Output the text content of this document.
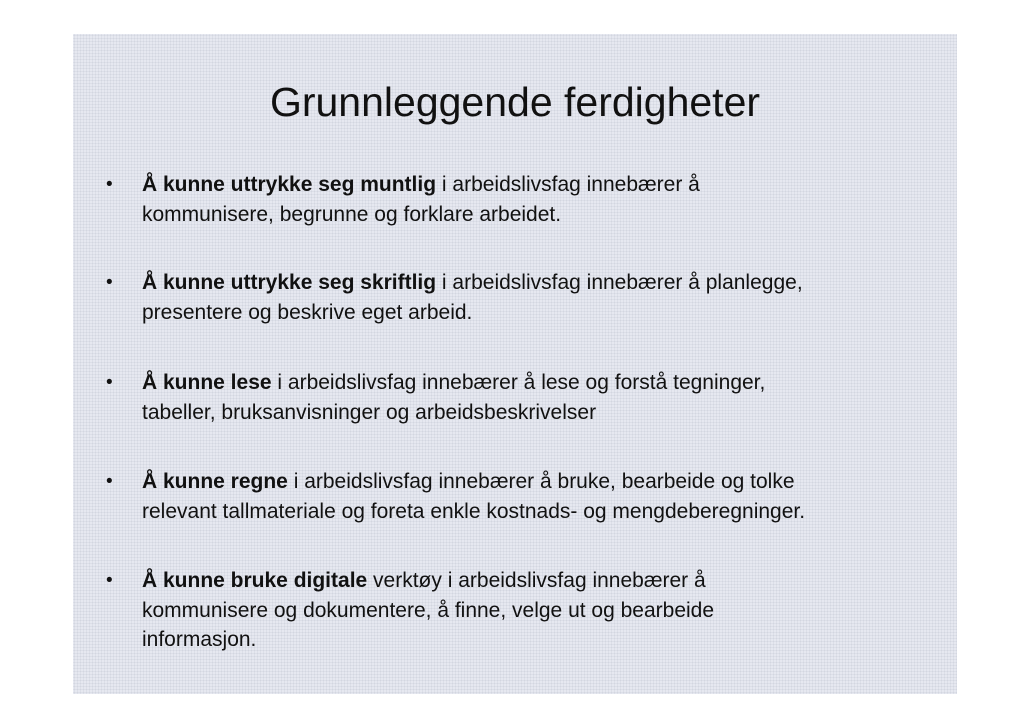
Grunnleggende ferdigheter
• Å kunne uttrykke seg muntlig i arbeidslivsfag innebærer å
kommunisere, begrunne og forklare arbeidet.
• Å kunne uttrykke seg skriftlig i arbeidslivsfag innebærer å planlegge,
presentere og beskrive eget arbeid.
• Å kunne lese i arbeidslivsfag innebærer å lese og forstå tegninger,
tabeller, bruksanvisninger og arbeidsbeskrivelser
• Å kunne regne i arbeidslivsfag innebærer å bruke, bearbeide og tolke
relevant tallmateriale og foreta enkle kostnads- og mengdeberegninger.
• Å kunne bruke digitale verktøy i arbeidslivsfag innebærer å
kommunisere og dokumentere, å finne, velge ut og bearbeide
informasjon.
